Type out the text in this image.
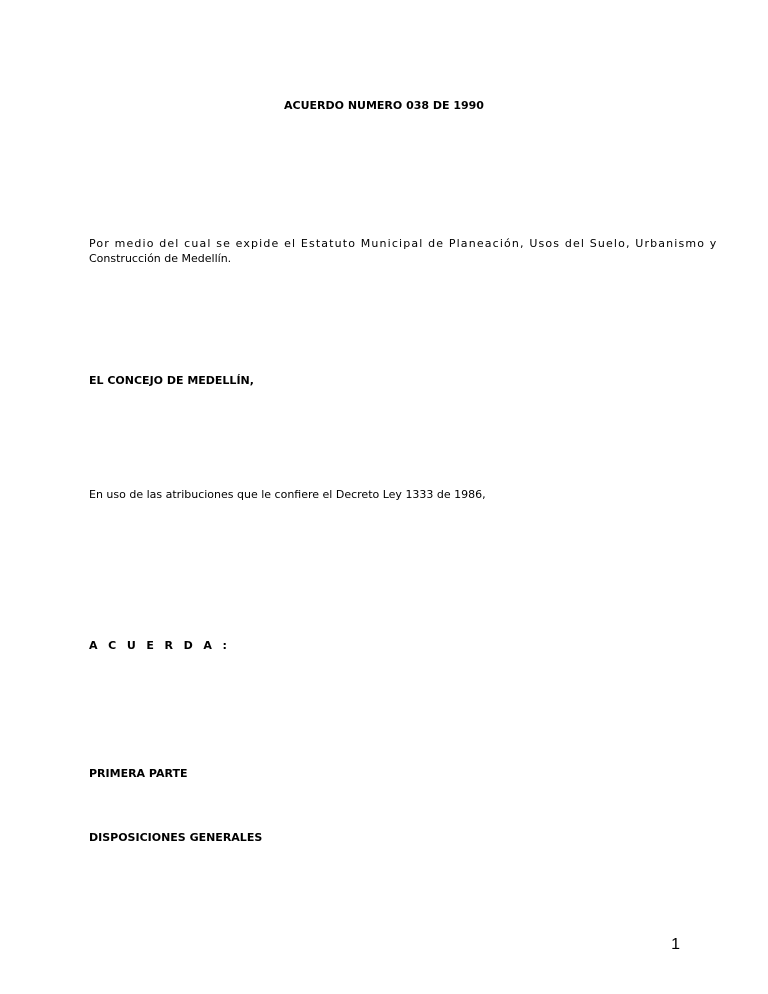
ACUERDO NUMERO 038 DE 1990

Por medio del cual se expide el Estatuto Municipal de Planeación, Usos del Suelo, Urbanismo y
Construcción de Medellín.

EL CONCEJO DE MEDELLÍN,

En uso de las atribuciones que le confiere el Decreto Ley 1333 de 1986,

A C U E R D A :

PRIMERA PARTE

DISPOSICIONES GENERALES

1
